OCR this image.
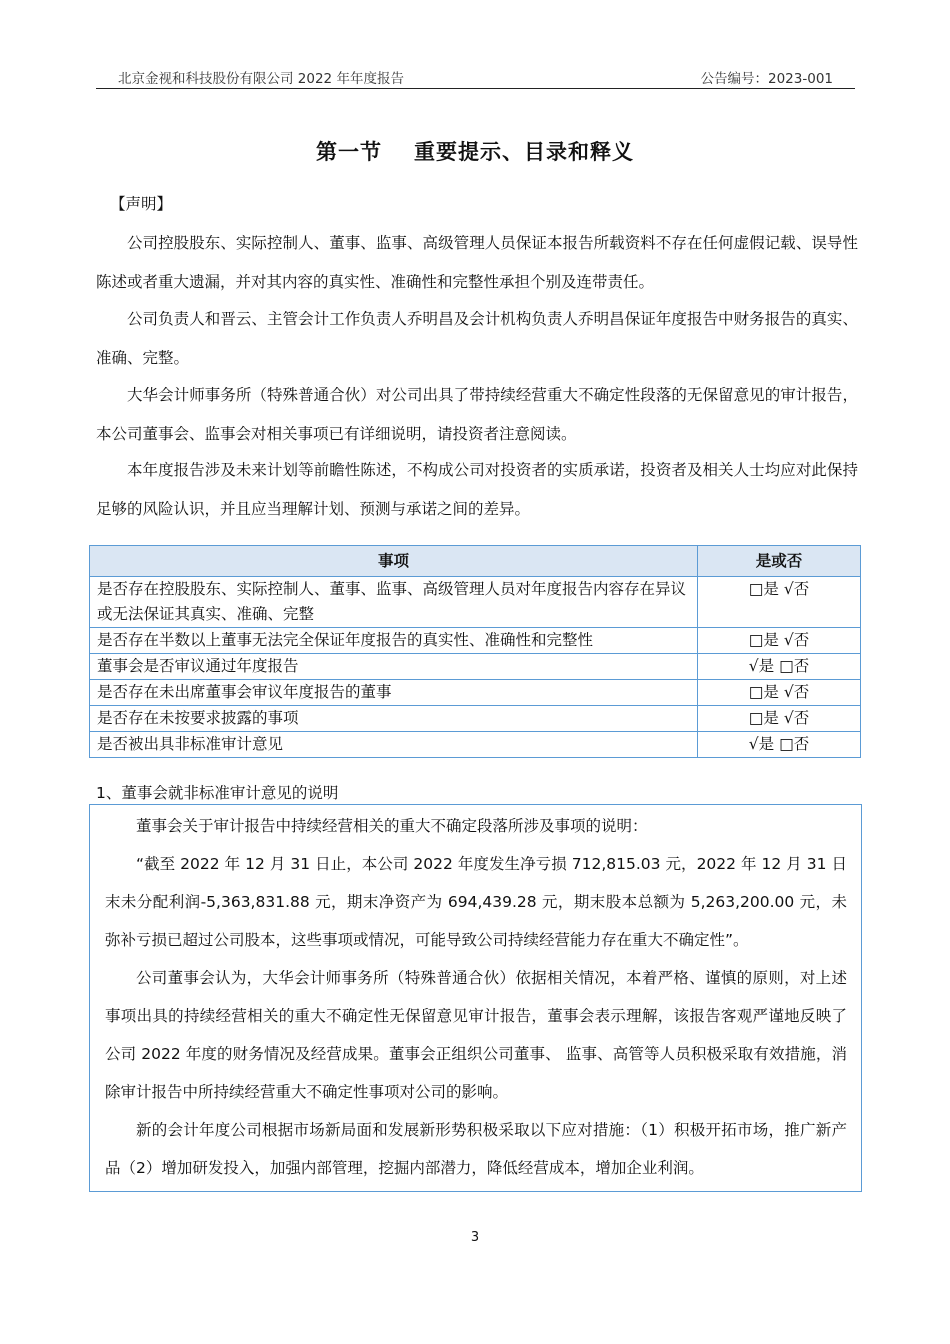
北京金视和科技股份有限公司 2022 年年度报告	公告编号：2023-001
第一节 重要提示、目录和释义
【声明】
公司控股股东、实际控制人、董事、监事、高级管理人员保证本报告所载资料不存在任何虚假记载、误导性陈述或者重大遗漏，并对其内容的真实性、准确性和完整性承担个别及连带责任。
公司负责人和晋云、主管会计工作负责人乔明昌及会计机构负责人乔明昌保证年度报告中财务报告的真实、准确、完整。
大华会计师事务所（特殊普通合伙）对公司出具了带持续经营重大不确定性段落的无保留意见的审计报告，本公司董事会、监事会对相关事项已有详细说明，请投资者注意阅读。
本年度报告涉及未来计划等前瞻性陈述，不构成公司对投资者的实质承诺，投资者及相关人士均应对此保持足够的风险认识，并且应当理解计划、预测与承诺之间的差异。
事项	是或否
是否存在控股股东、实际控制人、董事、监事、高级管理人员对年度报告内容存在异议或无法保证其真实、准确、完整	□是 √否
是否存在半数以上董事无法完全保证年度报告的真实性、准确性和完整性	□是 √否
董事会是否审议通过年度报告	√是 □否
是否存在未出席董事会审议年度报告的董事	□是 √否
是否存在未按要求披露的事项	□是 √否
是否被出具非标准审计意见	√是 □否
1、董事会就非标准审计意见的说明

董事会关于审计报告中持续经营相关的重大不确定段落所涉及事项的说明：

“截至 2022 年 12 月 31 日止，本公司 2022 年度发生净亏损 712,815.03 元，2022 年 12 月 31 日末未分配利润-5,363,831.88 元，期末净资产为 694,439.28 元，期末股本总额为 5,263,200.00 元，未弥补亏损已超过公司股本，这些事项或情况，可能导致公司持续经营能力存在重大不确定性”。

公司董事会认为，大华会计师事务所（特殊普通合伙）依据相关情况，本着严格、谨慎的原则，对上述事项出具的持续经营相关的重大不确定性无保留意见审计报告，董事会表示理解，该报告客观严谨地反映了公司 2022 年度的财务情况及经营成果。董事会正组织公司董事、 监事、高管等人员积极采取有效措施，消除审计报告中所持续经营重大不确定性事项对公司的影响。

新的会计年度公司根据市场新局面和发展新形势积极采取以下应对措施：（1）积极开拓市场，推广新产品（2）增加研发投入，加强内部管理，挖掘内部潜力，降低经营成本，增加企业利润。

3
